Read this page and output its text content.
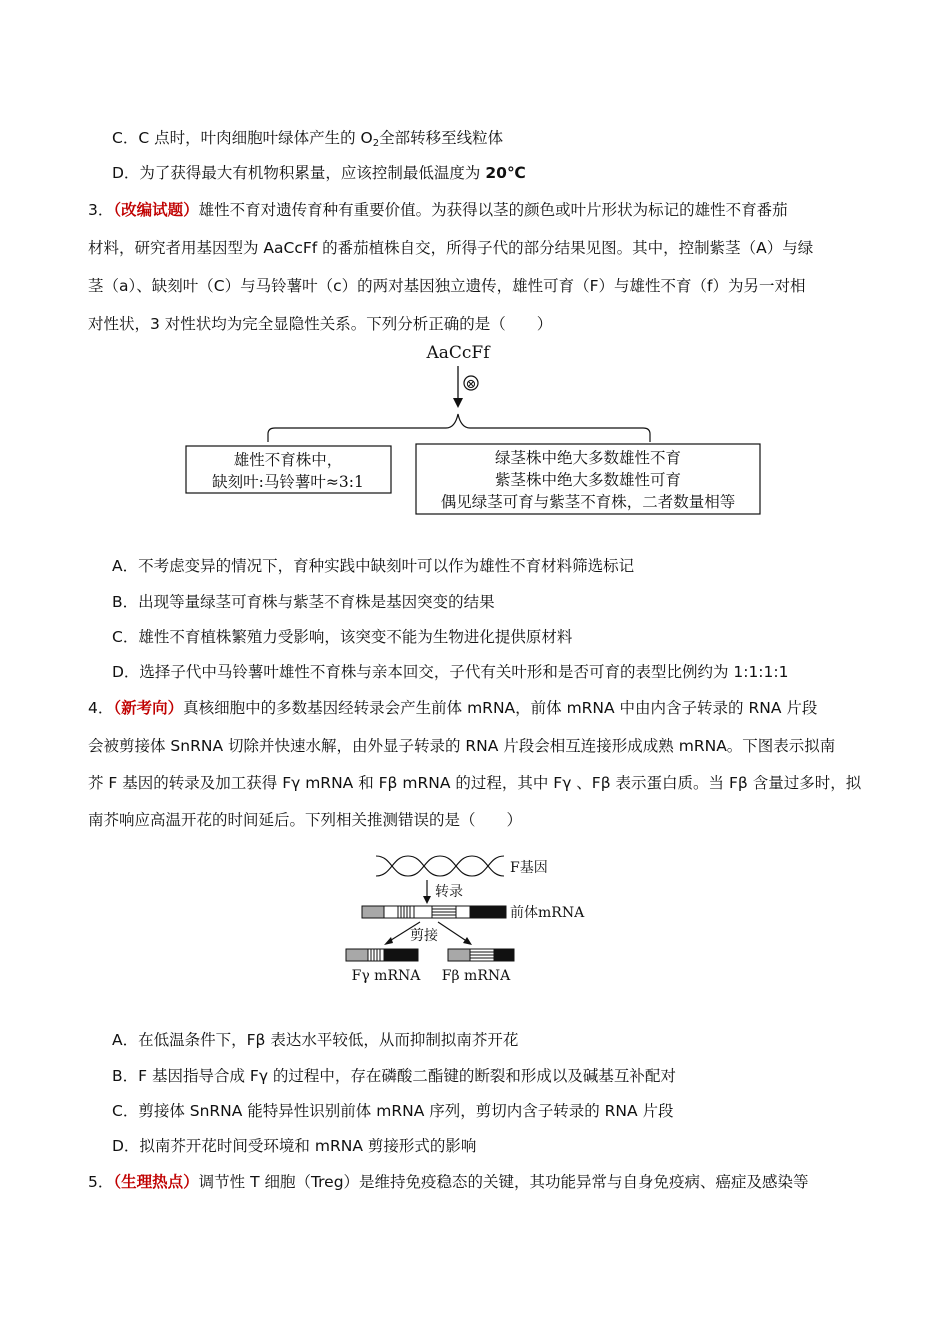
C．C 点时，叶肉细胞叶绿体产生的 $O_2$全部转移至线粒体
D．为了获得最大有机物积累量，应该控制最低温度为 20℃
3．（改编试题）雄性不育对遗传育种有重要价值。为获得以茎的颜色或叶片形状为标记的雄性不育番茄
材料，研究者用基因型为 AaCcFf 的番茄植株自交，所得子代的部分结果见图。其中，控制紫茎（A）与绿
茎（a）、缺刻叶（C）与马铃薯叶（c）的两对基因独立遗传，雄性可育（F）与雄性不育（f）为另一对相
对性状，3 对性状均为完全显隐性关系。下列分析正确的是（　　）
AaCcFf
⊗
雄性不育株中，
缺刻叶:马铃薯叶≈3:1
绿茎株中绝大多数雄性不育
紫茎株中绝大多数雄性可育
偶见绿茎可育与紫茎不育株，二者数量相等
A．不考虑变异的情况下，育种实践中缺刻叶可以作为雄性不育材料筛选标记
B．出现等量绿茎可育株与紫茎不育株是基因突变的结果
C．雄性不育植株繁殖力受影响，该突变不能为生物进化提供原材料
D．选择子代中马铃薯叶雄性不育株与亲本回交，子代有关叶形和是否可育的表型比例约为 1:1:1:1
4．（新考向）真核细胞中的多数基因经转录会产生前体 mRNA，前体 mRNA 中由内含子转录的 RNA 片段
会被剪接体 SnRNA 切除并快速水解，由外显子转录的 RNA 片段会相互连接形成成熟 mRNA。下图表示拟南
芥 F 基因的转录及加工获得 Fγ mRNA 和 Fβ mRNA 的过程，其中 Fγ 、Fβ 表示蛋白质。当 Fβ 含量过多时，拟
南芥响应高温开花的时间延后。下列相关推测错误的是（　　）
F基因
转录
前体mRNA
剪接
Fγ mRNA Fβ mRNA
A．在低温条件下，Fβ 表达水平较低，从而抑制拟南芥开花
B．F 基因指导合成 Fγ 的过程中，存在磷酸二酯键的断裂和形成以及碱基互补配对
C．剪接体 SnRNA 能特异性识别前体 mRNA 序列，剪切内含子转录的 RNA 片段
D．拟南芥开花时间受环境和 mRNA 剪接形式的影响
5．（生理热点）调节性 T 细胞（Treg）是维持免疫稳态的关键，其功能异常与自身免疫病、癌症及感染等
